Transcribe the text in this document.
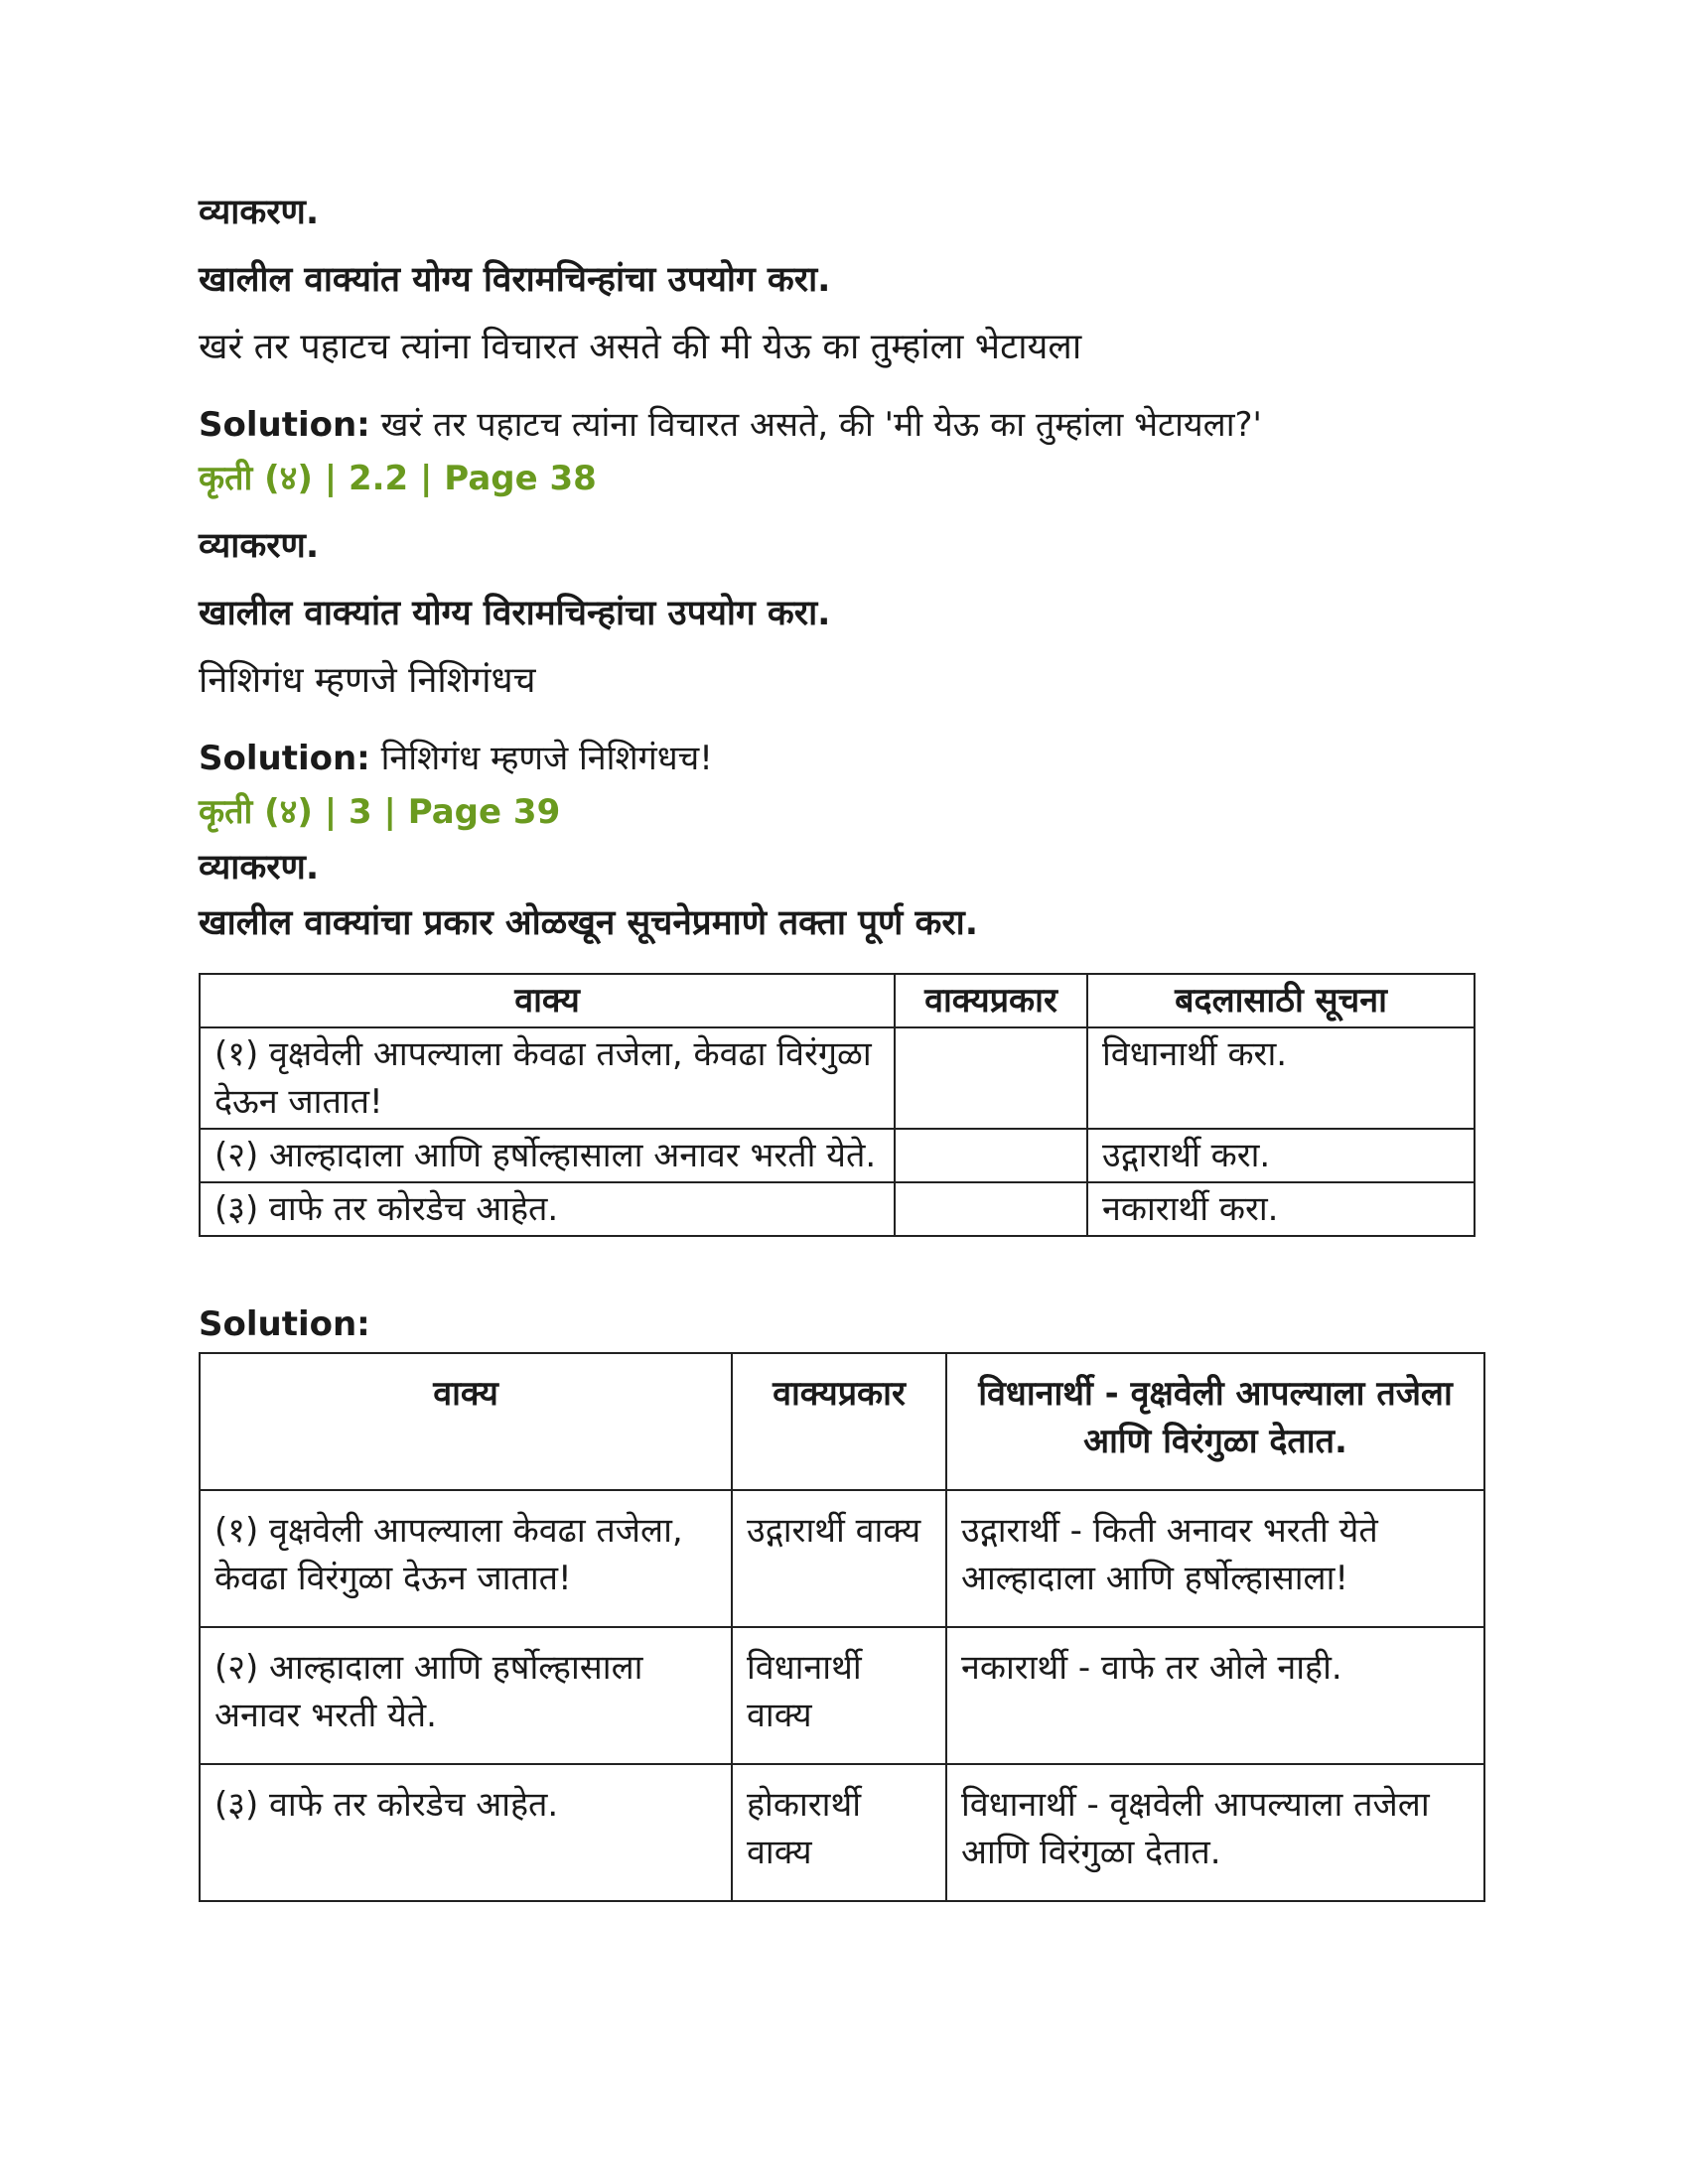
व्याकरण.
खालील वाक्यांत योग्य विरामचिन्हांचा उपयोग करा.
खरं तर पहाटच त्यांना विचारत असते की मी येऊ का तुम्हांला भेटायला
Solution: खरं तर पहाटच त्यांना विचारत असते, की 'मी येऊ का तुम्हांला भेटायला?'
कृती (४) | 2.2 | Page 38
व्याकरण.
खालील वाक्यांत योग्य विरामचिन्हांचा उपयोग करा.
निशिगंध म्हणजे निशिगंधच
Solution: निशिगंध म्हणजे निशिगंधच!
कृती (४) | 3 | Page 39
व्याकरण.
खालील वाक्यांचा प्रकार ओळखून सूचनेप्रमाणे तक्ता पूर्ण करा.
वाक्य	वाक्यप्रकार	बदलासाठी सूचना
(१) वृक्षवेली आपल्याला केवढा तजेला, केवढा विरंगुळा देऊन जातात!		विधानार्थी करा.
(२) आल्हादाला आणि हर्षोल्हासाला अनावर भरती येते.		उद्गारार्थी करा.
(३) वाफे तर कोरडेच आहेत.		नकारार्थी करा.
Solution:
वाक्य	वाक्यप्रकार	विधानार्थी - वृक्षवेली आपल्याला तजेला आणि विरंगुळा देतात.
(१) वृक्षवेली आपल्याला केवढा तजेला, केवढा विरंगुळा देऊन जातात!	उद्गारार्थी वाक्य	उद्गारार्थी - किती अनावर भरती येते आल्हादाला आणि हर्षोल्हासाला!
(२) आल्हादाला आणि हर्षोल्हासाला अनावर भरती येते.	विधानार्थी वाक्य	नकारार्थी - वाफे तर ओले नाही.
(३) वाफे तर कोरडेच आहेत.	होकारार्थी वाक्य	विधानार्थी - वृक्षवेली आपल्याला तजेला आणि विरंगुळा देतात.
